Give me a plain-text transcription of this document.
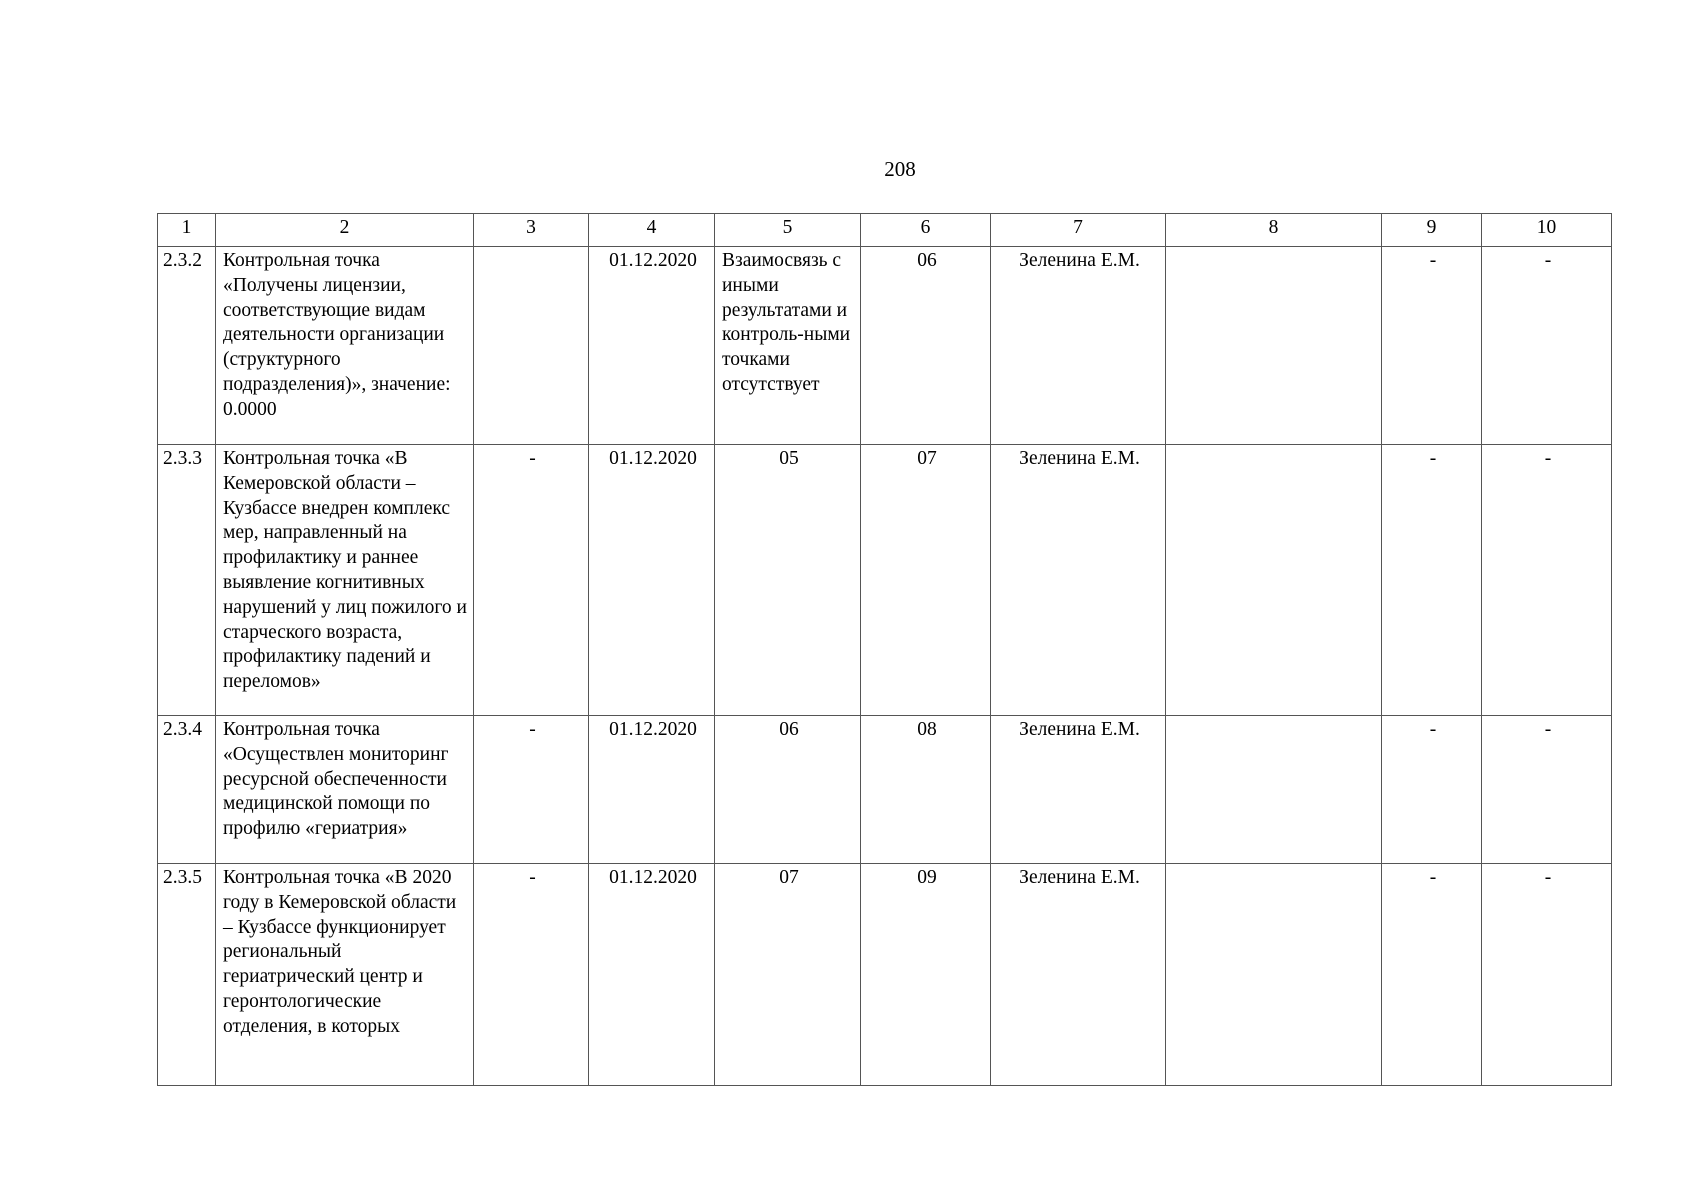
208
1	2	3	4	5	6	7	8	9	10
2.3.2	Контрольная точка «Получены лицензии, соответствующие видам деятельности организации (структурного подразделения)», значение: 0.0000		01.12.2020	Взаимосвязь с иными результатами и контроль-ными точками отсутствует	06	Зеленина Е.М.		-	-
2.3.3	Контрольная точка «В Кемеровской области – Кузбассе внедрен комплекс мер, направленный на профилактику и раннее выявление когнитивных нарушений у лиц пожилого и старческого возраста, профилактику падений и переломов»	-	01.12.2020	05	07	Зеленина Е.М.		-	-
2.3.4	Контрольная точка «Осуществлен мониторинг ресурсной обеспеченности медицинской помощи по профилю «гериатрия»	-	01.12.2020	06	08	Зеленина Е.М.		-	-
2.3.5	Контрольная точка «В 2020 году в Кемеровской области – Кузбассе функционирует региональный гериатрический центр и геронтологические отделения, в которых	-	01.12.2020	07	09	Зеленина Е.М.		-	-
